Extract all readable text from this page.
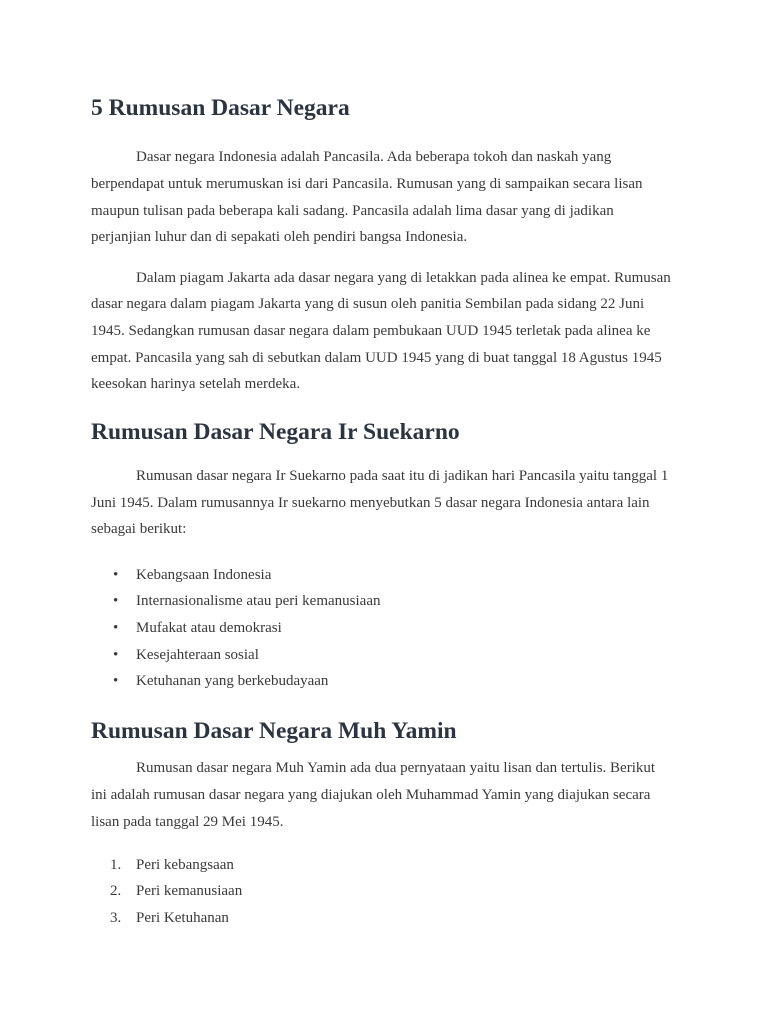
5 Rumusan Dasar Negara
Dasar negara Indonesia adalah Pancasila. Ada beberapa tokoh dan naskah yang
berpendapat untuk merumuskan isi dari Pancasila. Rumusan yang di sampaikan secara lisan
maupun tulisan pada beberapa kali sadang. Pancasila adalah lima dasar yang di jadikan
perjanjian luhur dan di sepakati oleh pendiri bangsa Indonesia.
Dalam piagam Jakarta ada dasar negara yang di letakkan pada alinea ke empat. Rumusan
dasar negara dalam piagam Jakarta yang di susun oleh panitia Sembilan pada sidang 22 Juni
1945. Sedangkan rumusan dasar negara dalam pembukaan UUD 1945 terletak pada alinea ke
empat. Pancasila yang sah di sebutkan dalam UUD 1945 yang di buat tanggal 18 Agustus 1945
keesokan harinya setelah merdeka.
Rumusan Dasar Negara Ir Suekarno
Rumusan dasar negara Ir Suekarno pada saat itu di jadikan hari Pancasila yaitu tanggal 1
Juni 1945. Dalam rumusannya Ir suekarno menyebutkan 5 dasar negara Indonesia antara lain
sebagai berikut:
• Kebangsaan Indonesia
• Internasionalisme atau peri kemanusiaan
• Mufakat atau demokrasi
• Kesejahteraan sosial
• Ketuhanan yang berkebudayaan
Rumusan Dasar Negara Muh Yamin
Rumusan dasar negara Muh Yamin ada dua pernyataan yaitu lisan dan tertulis. Berikut
ini adalah rumusan dasar negara yang diajukan oleh Muhammad Yamin yang diajukan secara
lisan pada tanggal 29 Mei 1945.
1. Peri kebangsaan
2. Peri kemanusiaan
3. Peri Ketuhanan
